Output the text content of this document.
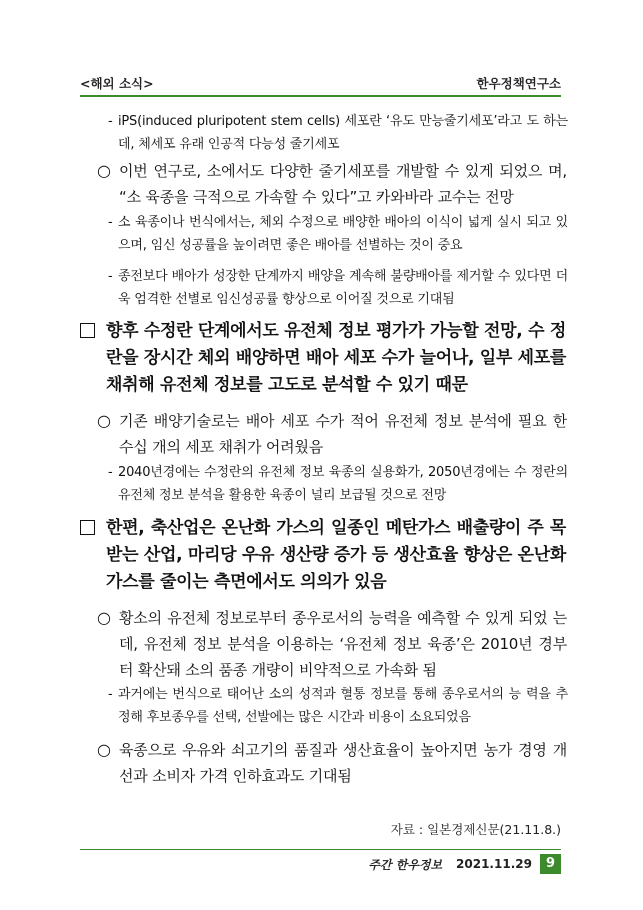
<해외 소식>	한우정책연구소
- iPS(induced pluripotent stem cells) 세포란 ‘유도 만능줄기세포’라고 도 하는데, 체세포 유래 인공적 다능성 줄기세포
○ 이번 연구로, 소에서도 다양한 줄기세포를 개발할 수 있게 되었으 며, “소 육종을 극적으로 가속할 수 있다”고 카와바라 교수는 전망
- 소 육종이나 번식에서는, 체외 수정으로 배양한 배아의 이식이 넓게 실시 되고 있으며, 임신 성공률을 높이려면 좋은 배아를 선별하는 것이 중요
- 종전보다 배아가 성장한 단계까지 배양을 계속해 불량배아를 제거할 수 있다면 더욱 엄격한 선별로 임신성공률 향상으로 이어질 것으로 기대됨
향후 수정란 단계에서도 유전체 정보 평가가 가능할 전망, 수 정란을 장시간 체외 배양하면 배아 세포 수가 늘어나, 일부 세포를 채취해 유전체 정보를 고도로 분석할 수 있기 때문
○ 기존 배양기술로는 배아 세포 수가 적어 유전체 정보 분석에 필요 한 수십 개의 세포 채취가 어려웠음
- 2040년경에는 수정란의 유전체 정보 육종의 실용화가, 2050년경에는 수 정란의 유전체 정보 분석을 활용한 육종이 널리 보급될 것으로 전망
한편, 축산업은 온난화 가스의 일종인 메탄가스 배출량이 주 목 받는 산업, 마리당 우유 생산량 증가 등 생산효율 향상은 온난화가스를 줄이는 측면에서도 의의가 있음
○ 황소의 유전체 정보로부터 종우로서의 능력을 예측할 수 있게 되었 는데, 유전체 정보 분석을 이용하는 ‘유전체 정보 육종’은 2010년 경부터 확산돼 소의 품종 개량이 비약적으로 가속화 됨
- 과거에는 번식으로 태어난 소의 성적과 혈통 정보를 통해 종우로서의 능 력을 추정해 후보종우를 선택, 선발에는 많은 시간과 비용이 소요되었음
○ 육종으로 우유와 쇠고기의 품질과 생산효율이 높아지면 농가 경영 개선과 소비자 가격 인하효과도 기대됨
자료 : 일본경제신문(21.11.8.)
주간 한우정보 2021.11.29	9
